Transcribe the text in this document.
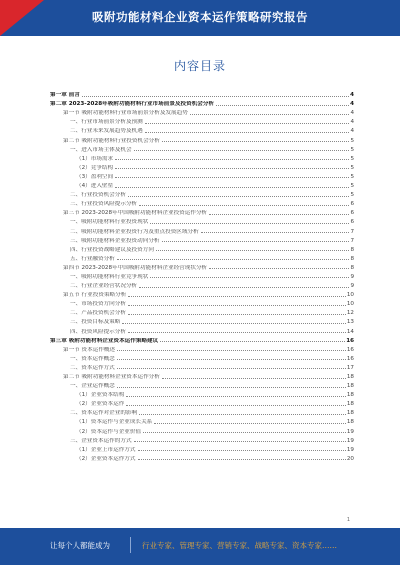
吸附功能材料企业资本运作策略研究报告
内容目录
第一章 前言	4
第二章 2023-2028年吸附功能材料行业市场前景及投资机会分析	4
第一节 吸附功能材料行业市场前景分析及发展趋势	4
一、行业市场前景分析及预测	4
二、行业未来发展趋势及机遇	4
第二节 吸附功能材料行业投资机会分析	5
一、进入市场主体及机会	5
（1）市场需求	5
（2）竞争结构	5
（3）盈利空间	5
（4）进入壁垒	5
二、行业投资机会分析	5
三、行业投资风险提示分析	6
第三节 2023-2028年中国吸附功能材料企业投资运作分析	6
一、吸附功能材料行业投资现状	6
二、吸附功能材料企业投资行为及重点投资区域分析	7
三、吸附功能材料企业投资动向分析	7
四、行业投资战略建议及投资方向	8
五、行业融资分析	8
第四节 2023-2028年中国吸附功能材料企业经营现状分析	8
一、吸附功能材料行业竞争现状	9
二、行业企业经营状况分析	9
第五节 行业投资策略分析	10
一、市场投资方向分析	10
二、产品投资机会分析	12
三、投资目标及策略	13
四、投资风险提示分析	14
第三章 吸附功能材料企业资本运作策略建议	16
第一节 资本运作概述	16
一、资本运作概念	16
二、资本运作方式	17
第二节 吸附功能材料企业资本运作分析	18
一、企业运作概念	18
（1）企业资本结构	18
（2）企业资本运作	18
二、资本运作对企业的影响	18
（1）资本运作与企业成长关系	18
（2）资本运作与企业价值	19
三、企业资本运作的方式	19
（1）企业上市运作方式	19
（2）企业资本运作方式	20
1
让每个人都能成为	行业专家、管理专家、营销专家、战略专家、资本专家……
